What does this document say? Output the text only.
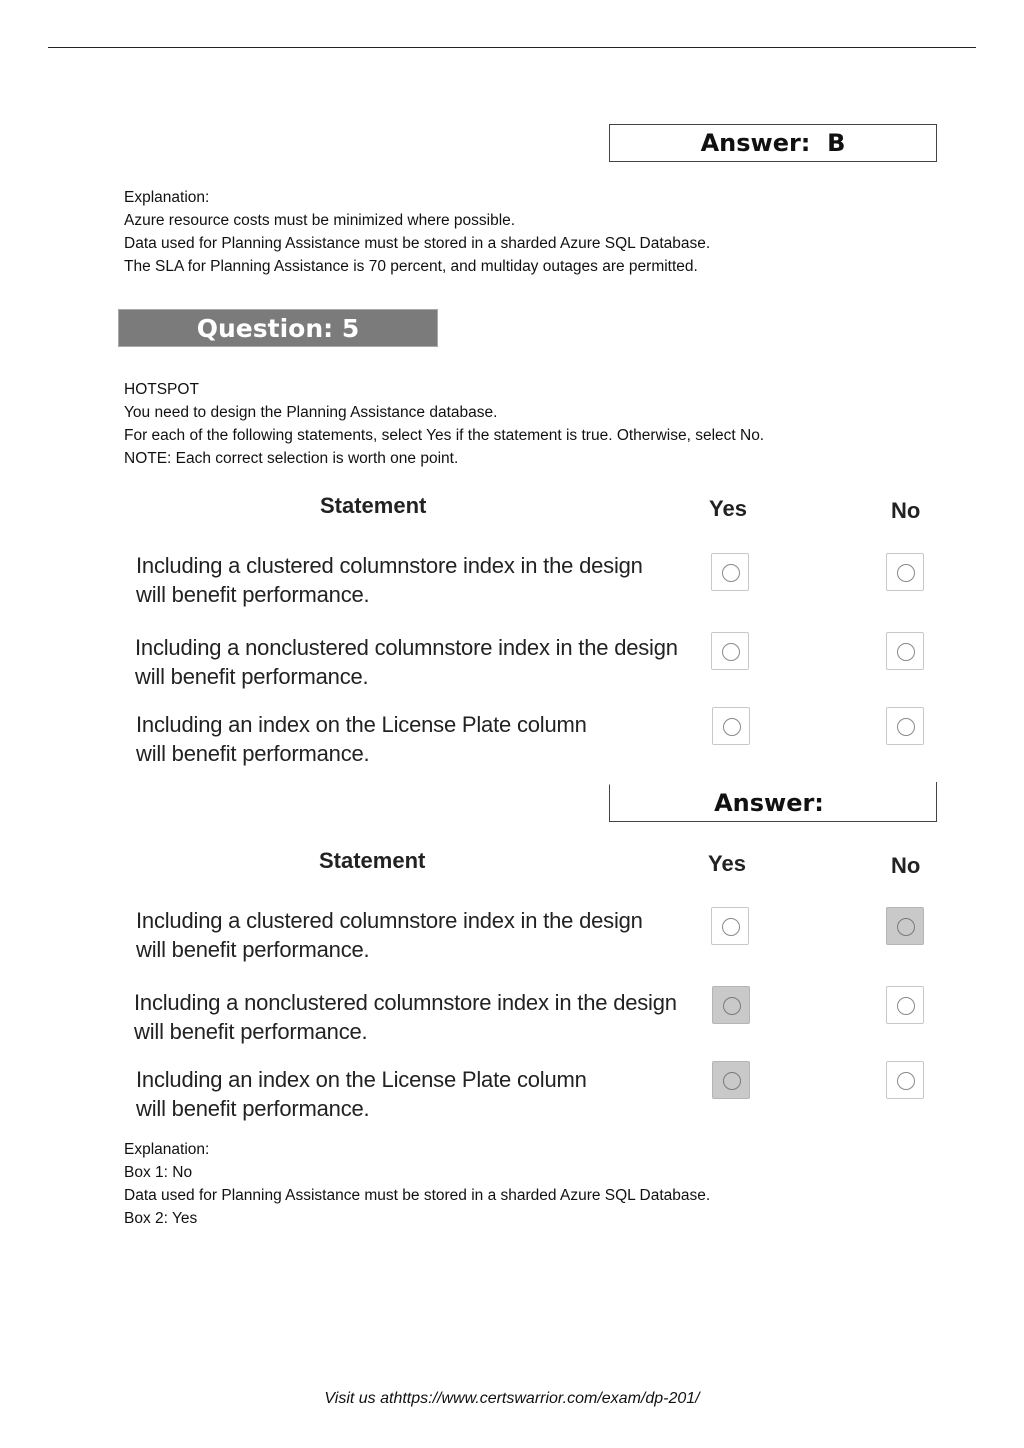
Answer:  B
Explanation:
Azure resource costs must be minimized where possible.
Data used for Planning Assistance must be stored in a sharded Azure SQL Database.
The SLA for Planning Assistance is 70 percent, and multiday outages are permitted.
Question: 5
HOTSPOT
You need to design the Planning Assistance database.
For each of the following statements, select Yes if the statement is true. Otherwise, select No.
NOTE: Each correct selection is worth one point.
Statement	Yes	No
Including a clustered columnstore index in the design
will benefit performance.
Including a nonclustered columnstore index in the design
will benefit performance.
Including an index on the License Plate column
will benefit performance.
Answer:
Statement	Yes	No
Including a clustered columnstore index in the design
will benefit performance.
Including a nonclustered columnstore index in the design
will benefit performance.
Including an index on the License Plate column
will benefit performance.
Explanation:
Box 1: No
Data used for Planning Assistance must be stored in a sharded Azure SQL Database.
Box 2: Yes
Visit us athttps://www.certswarrior.com/exam/dp-201/
